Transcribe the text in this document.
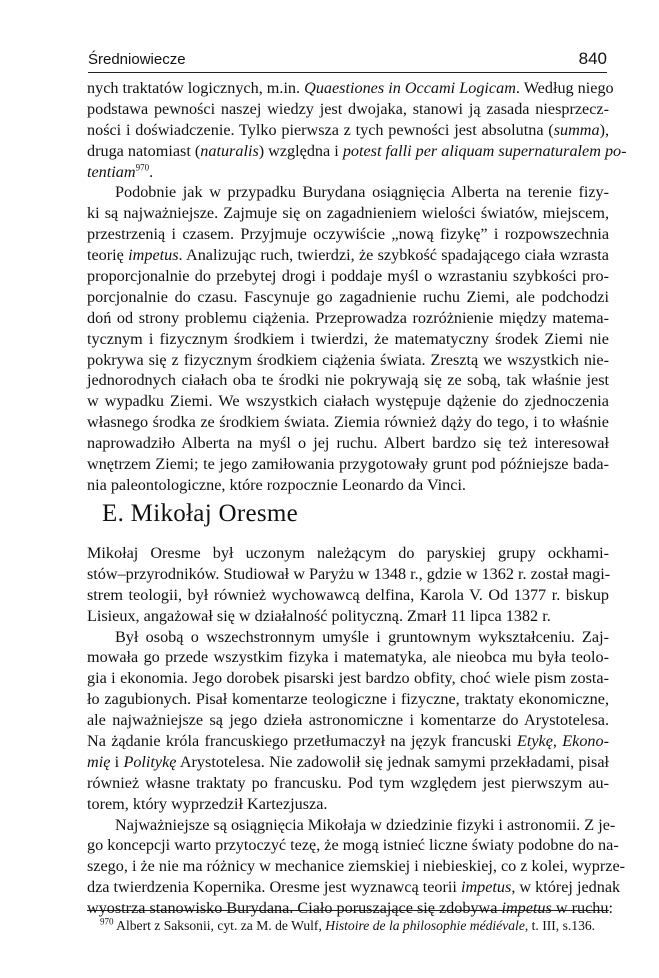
Średniowiecze	840
nych traktatów logicznych, m.in. Quaestiones in Occami Logicam. Według niego
podstawa pewności naszej wiedzy jest dwojaka, stanowi ją zasada niesprzecz-
ności i doświadczenie. Tylko pierwsza z tych pewności jest absolutna (summa),
druga natomiast (naturalis) względna i potest falli per aliquam supernaturalem po-
tentiam$^{970}$.
Podobnie jak w przypadku Burydana osiągnięcia Alberta na terenie fizy-
ki są najważniejsze. Zajmuje się on zagadnieniem wielości światów, miejscem,
przestrzenią i czasem. Przyjmuje oczywiście „nową fizykę” i rozpowszechnia
teorię impetus. Analizując ruch, twierdzi, że szybkość spadającego ciała wzrasta
proporcjonalnie do przebytej drogi i poddaje myśl o wzrastaniu szybkości pro-
porcjonalnie do czasu. Fascynuje go zagadnienie ruchu Ziemi, ale podchodzi
doń od strony problemu ciążenia. Przeprowadza rozróżnienie między matema-
tycznym i fizycznym środkiem i twierdzi, że matematyczny środek Ziemi nie
pokrywa się z fizycznym środkiem ciążenia świata. Zresztą we wszystkich nie-
jednorodnych ciałach oba te środki nie pokrywają się ze sobą, tak właśnie jest
w wypadku Ziemi. We wszystkich ciałach występuje dążenie do zjednoczenia
własnego środka ze środkiem świata. Ziemia również dąży do tego, i to właśnie
naprowadziło Alberta na myśl o jej ruchu. Albert bardzo się też interesował
wnętrzem Ziemi; te jego zamiłowania przygotowały grunt pod późniejsze bada-
nia paleontologiczne, które rozpocznie Leonardo da Vinci.
E. Mikołaj Oresme
Mikołaj Oresme był uczonym należącym do paryskiej grupy ockhami-
stów–przyrodników. Studiował w Paryżu w 1348 r., gdzie w 1362 r. został magi-
strem teologii, był również wychowawcą delfina, Karola V. Od 1377 r. biskup
Lisieux, angażował się w działalność polityczną. Zmarł 11 lipca 1382 r.
Był osobą o wszechstronnym umyśle i gruntownym wykształceniu. Zaj-
mowała go przede wszystkim fizyka i matematyka, ale nieobca mu była teolo-
gia i ekonomia. Jego dorobek pisarski jest bardzo obfity, choć wiele pism zosta-
ło zagubionych. Pisał komentarze teologiczne i fizyczne, traktaty ekonomiczne,
ale najważniejsze są jego dzieła astronomiczne i komentarze do Arystotelesa.
Na żądanie króla francuskiego przetłumaczył na język francuski Etykę, Ekono-
mię i Politykę Arystotelesa. Nie zadowolił się jednak samymi przekładami, pisał
również własne traktaty po francusku. Pod tym względem jest pierwszym au-
torem, który wyprzedził Kartezjusza.
Najważniejsze są osiągnięcia Mikołaja w dziedzinie fizyki i astronomii. Z je-
go koncepcji warto przytoczyć tezę, że mogą istnieć liczne światy podobne do na-
szego, i że nie ma różnicy w mechanice ziemskiej i niebieskiej, co z kolei, wyprze-
dza twierdzenia Kopernika. Oresme jest wyznawcą teorii impetus, w której jednak
wyostrza stanowisko Burydana. Ciało poruszające się zdobywa impetus w ruchu:
$^{970}$ Albert z Saksonii, cyt. za M. de Wulf, Histoire de la philosophie médiévale, t. III, s.136.
